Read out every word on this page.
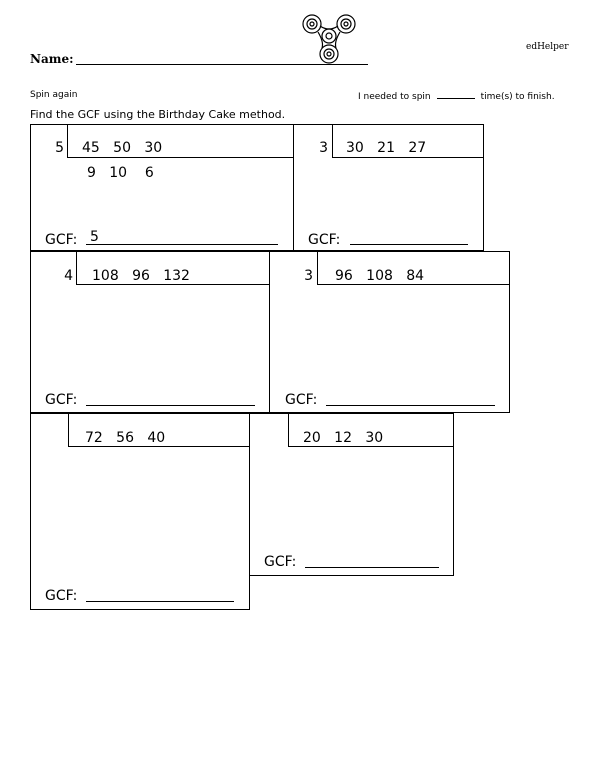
Name:
edHelper
Spin again	I needed to spin	time(s) to finish.
Find the GCF using the Birthday Cake method.
5 45   50   30
9   10    6
GCF: 5
3 30   21   27
GCF:
4 108   96   132
GCF:
3 96   108   84
GCF:
72   56   40
GCF:
20   12   30
GCF:
